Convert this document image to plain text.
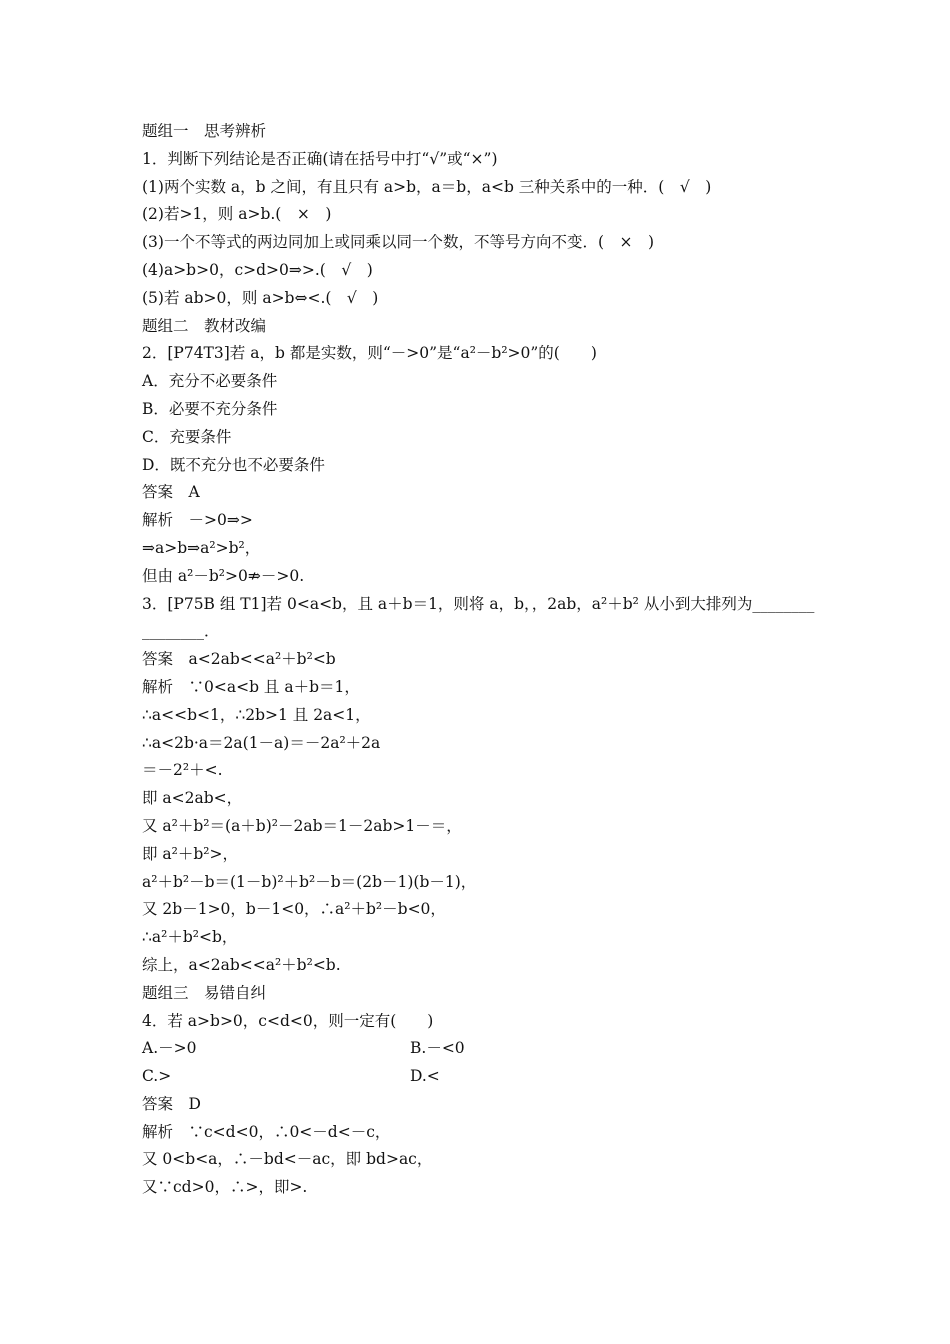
题组一　思考辨析
1．判断下列结论是否正确(请在括号中打“√”或“×”)
(1)两个实数 a，b 之间，有且只有 a>b，a＝b，a<b 三种关系中的一种．(　√　)
(2)若>1，则 a>b.(　×　)
(3)一个不等式的两边同加上或同乘以同一个数，不等号方向不变．(　×　)
(4)a>b>0，c>d>0⇒>.(　√　)
(5)若 ab>0，则 a>b⇔<.(　√　)
题组二　教材改编
2．[P74T3]若 a，b 都是实数，则“－>0”是“a²－b²>0”的(　　)
A．充分不必要条件
B．必要不充分条件
C．充要条件
D．既不充分也不必要条件
答案　A
解析　－>0⇒>
⇒a>b⇒a²>b²，
但由 a²－b²>0⇏－>0.
3．[P75B 组 T1]若 0<a<b，且 a＋b＝1，则将 a，b，，2ab，a²＋b² 从小到大排列为________
________．
答案　a<2ab<<a²＋b²<b
解析　∵0<a<b 且 a＋b＝1，
∴a<<b<1，∴2b>1 且 2a<1，
∴a<2b·a＝2a(1－a)＝－2a²＋2a
＝－2²＋<.
即 a<2ab<，
又 a²＋b²＝(a＋b)²－2ab＝1－2ab>1－＝，
即 a²＋b²>，
a²＋b²－b＝(1－b)²＋b²－b＝(2b－1)(b－1)，
又 2b－1>0，b－1<0，∴a²＋b²－b<0，
∴a²＋b²<b，
综上，a<2ab<<a²＋b²<b.
题组三　易错自纠
4．若 a>b>0，c<d<0，则一定有(　　)
A.－>0	B.－<0
C.>	D.<
答案　D
解析　∵c<d<0，∴0<－d<－c，
又 0<b<a，∴－bd<－ac，即 bd>ac，
又∵cd>0，∴>，即>.
